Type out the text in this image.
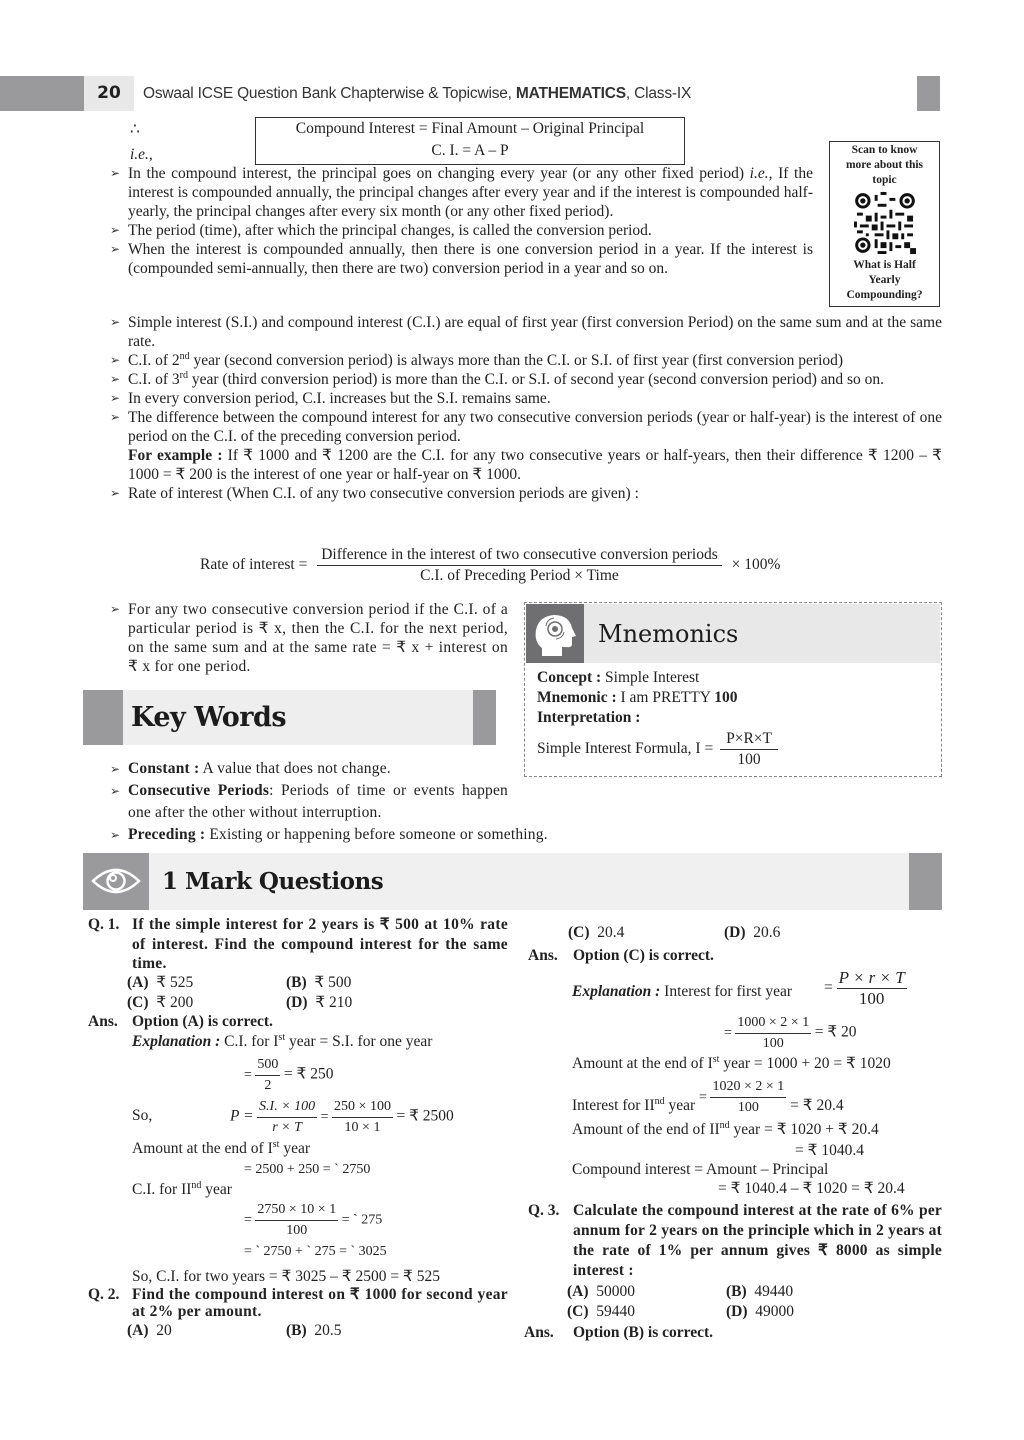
20	Oswaal ICSE Question Bank Chapterwise & Topicwise, MATHEMATICS, Class-IX
∴
i.e.,
Compound Interest = Final Amount – Original Principal
C. I. = A – P	Scan to know more about this topic
What is Half Yearly Compounding?
➢ In the compound interest, the principal goes on changing every year (or any other fixed period) i.e., If the interest is compounded annually, the principal changes after every year and if the interest is compounded half-yearly, the principal changes after every six month (or any other fixed period).
➢ The period (time), after which the principal changes, is called the conversion period.
➢ When the interest is compounded annually, then there is one conversion period in a year. If the interest is (compounded semi-annually, then there are two) conversion period in a year and so on.
➢ Simple interest (S.I.) and compound interest (C.I.) are equal of first year (first conversion Period) on the same sum and at the same rate.
➢ C.I. of 2nd year (second conversion period) is always more than the C.I. or S.I. of first year (first conversion period)
➢ C.I. of 3rd year (third conversion period) is more than the C.I. or S.I. of second year (second conversion period) and so on.
➢ In every conversion period, C.I. increases but the S.I. remains same.
➢ The difference between the compound interest for any two consecutive conversion periods (year or half-year) is the interest of one period on the C.I. of the preceding conversion period.
For example : If ₹ 1000 and ₹ 1200 are the C.I. for any two consecutive years or half-years, then their difference ₹ 1200 – ₹ 1000 = ₹ 200 is the interest of one year or half-year on ₹ 1000.
➢ Rate of interest (When C.I. of any two consecutive conversion periods are given) :
Rate of interest =
Difference in the interest of two consecutive conversion periods
C.I. of Preceding Period × Time
× 100%
➢ For any two consecutive conversion period if the C.I. of a particular period is ₹ x, then the C.I. for the next period, on the same sum and at the same rate = ₹ x + interest on ₹ x for one period.
Key Words
➢ Constant : A value that does not change.
➢ Consecutive Periods: Periods of time or events happen one after the other without interruption.
➢ Preceding : Existing or happening before someone or something.
Mnemonics
Concept : Simple Interest
Mnemonic : I am PRETTY 100
Interpretation :
Simple Interest Formula, $I = \frac{P\times R\times T}{100}$
1 Mark Questions
Q. 1. If the simple interest for 2 years is ₹ 500 at 10% rate of interest. Find the compound interest for the same time.
(A) ₹ 525	(B) ₹ 500
(C) ₹ 200	(D) ₹ 210
Ans. Option (A) is correct.
Explanation : C.I. for Ist year = S.I. for one year
= $\frac{500}{2}$ = ₹ 250
So,	$P = \frac{S.I. \times 100}{r \times T} = \frac{250 \times 100}{10 \times 1}$ = ₹ 2500
Amount at the end of Ist year
= 2500 + 250 = ` 2750
C.I. for IInd year
= $\frac{2750 \times 10 \times 1}{100}$ = ` 275
= ` 2750 + ` 275 = ` 3025
So, C.I. for two years = ₹ 3025 – ₹ 2500 = ₹ 525
Q. 2. Find the compound interest on ₹ 1000 for second year at 2% per amount.
(A) 20	(B) 20.5
(C) 20.4	(D) 20.6
Ans. Option (C) is correct.
Explanation : Interest for first year = $\frac{P \times r \times T}{100}$
= $\frac{1000 \times 2 \times 1}{100}$ = ₹ 20
Amount at the end of Ist year = 1000 + 20 = ₹ 1020
Interest for IInd year = $\frac{1020 \times 2 \times 1}{100}$ = ₹ 20.4
Amount of the end of IInd year = ₹ 1020 + ₹ 20.4
= ₹ 1040.4
Compound interest = Amount – Principal
= ₹ 1040.4 – ₹ 1020 = ₹ 20.4
Q. 3. Calculate the compound interest at the rate of 6% per annum for 2 years on the principle which in 2 years at the rate of 1% per annum gives ₹ 8000 as simple interest :
(A) 50000	(B) 49440
(C) 59440	(D) 49000
Ans. Option (B) is correct.
